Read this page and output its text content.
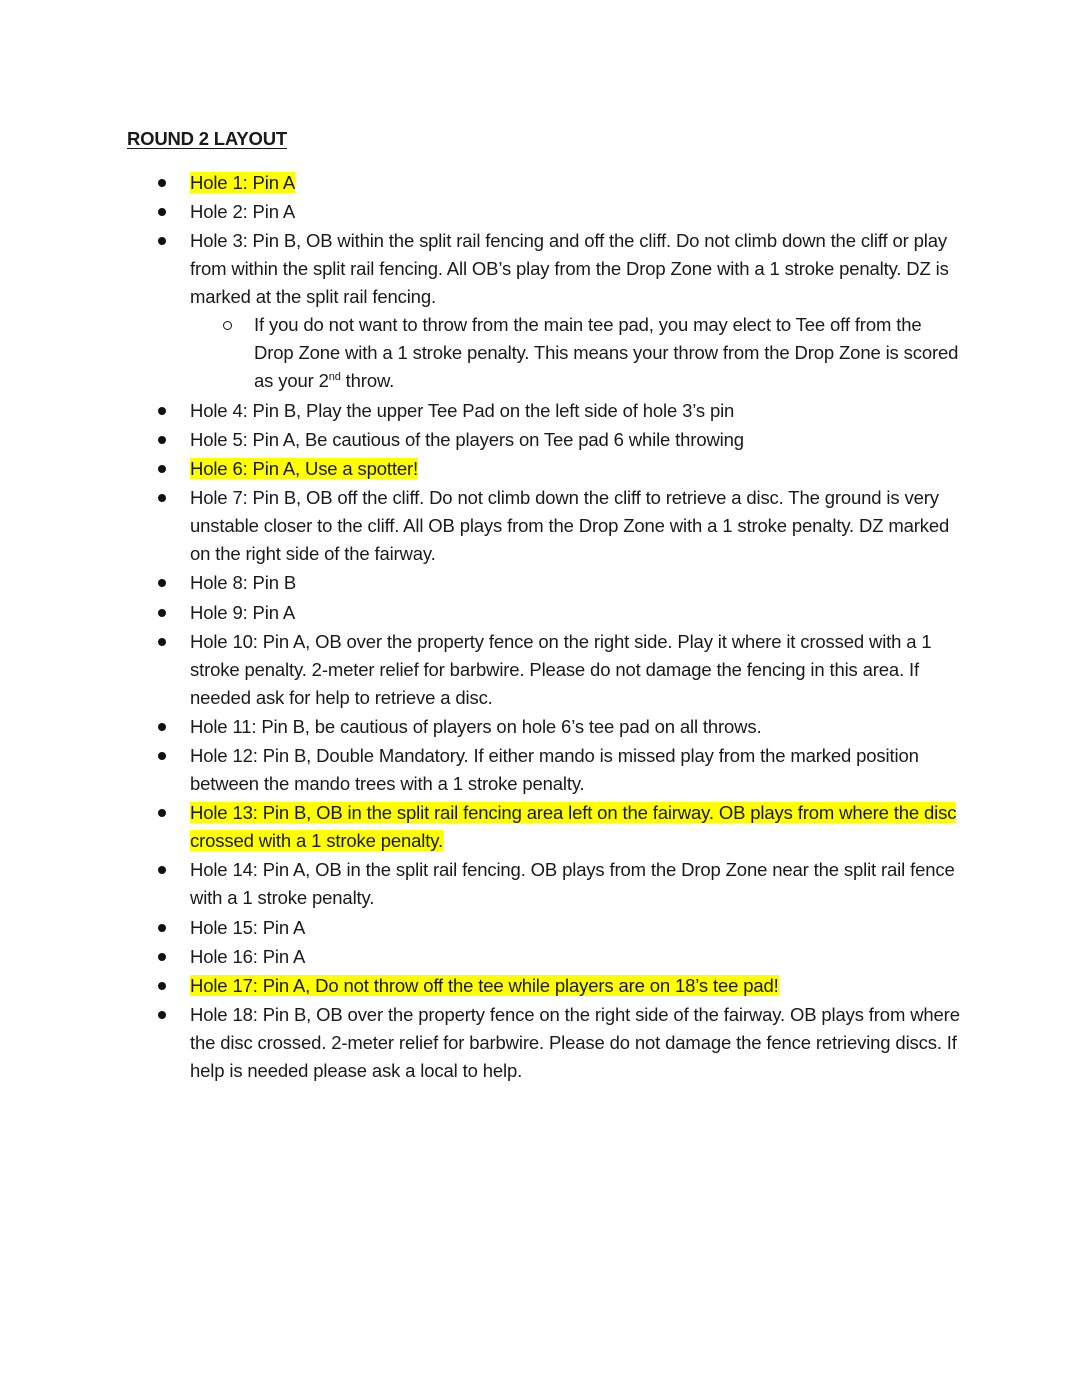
ROUND 2 LAYOUT
Hole 1: Pin A
Hole 2: Pin A
Hole 3: Pin B, OB within the split rail fencing and off the cliff. Do not climb down the cliff or play from within the split rail fencing. All OB’s play from the Drop Zone with a 1 stroke penalty. DZ is marked at the split rail fencing.
If you do not want to throw from the main tee pad, you may elect to Tee off from the Drop Zone with a 1 stroke penalty. This means your throw from the Drop Zone is scored as your 2nd throw.
Hole 4: Pin B, Play the upper Tee Pad on the left side of hole 3’s pin
Hole 5: Pin A, Be cautious of the players on Tee pad 6 while throwing
Hole 6: Pin A, Use a spotter!
Hole 7: Pin B, OB off the cliff. Do not climb down the cliff to retrieve a disc. The ground is very unstable closer to the cliff. All OB plays from the Drop Zone with a 1 stroke penalty. DZ marked on the right side of the fairway.
Hole 8: Pin B
Hole 9: Pin A
Hole 10: Pin A, OB over the property fence on the right side. Play it where it crossed with a 1 stroke penalty. 2-meter relief for barbwire. Please do not damage the fencing in this area. If needed ask for help to retrieve a disc.
Hole 11: Pin B, be cautious of players on hole 6’s tee pad on all throws.
Hole 12: Pin B, Double Mandatory. If either mando is missed play from the marked position between the mando trees with a 1 stroke penalty.
Hole 13: Pin B, OB in the split rail fencing area left on the fairway. OB plays from where the disc crossed with a 1 stroke penalty.
Hole 14: Pin A, OB in the split rail fencing. OB plays from the Drop Zone near the split rail fence with a 1 stroke penalty.
Hole 15: Pin A
Hole 16: Pin A
Hole 17: Pin A, Do not throw off the tee while players are on 18’s tee pad!
Hole 18: Pin B, OB over the property fence on the right side of the fairway. OB plays from where the disc crossed. 2-meter relief for barbwire. Please do not damage the fence retrieving discs. If help is needed please ask a local to help.
